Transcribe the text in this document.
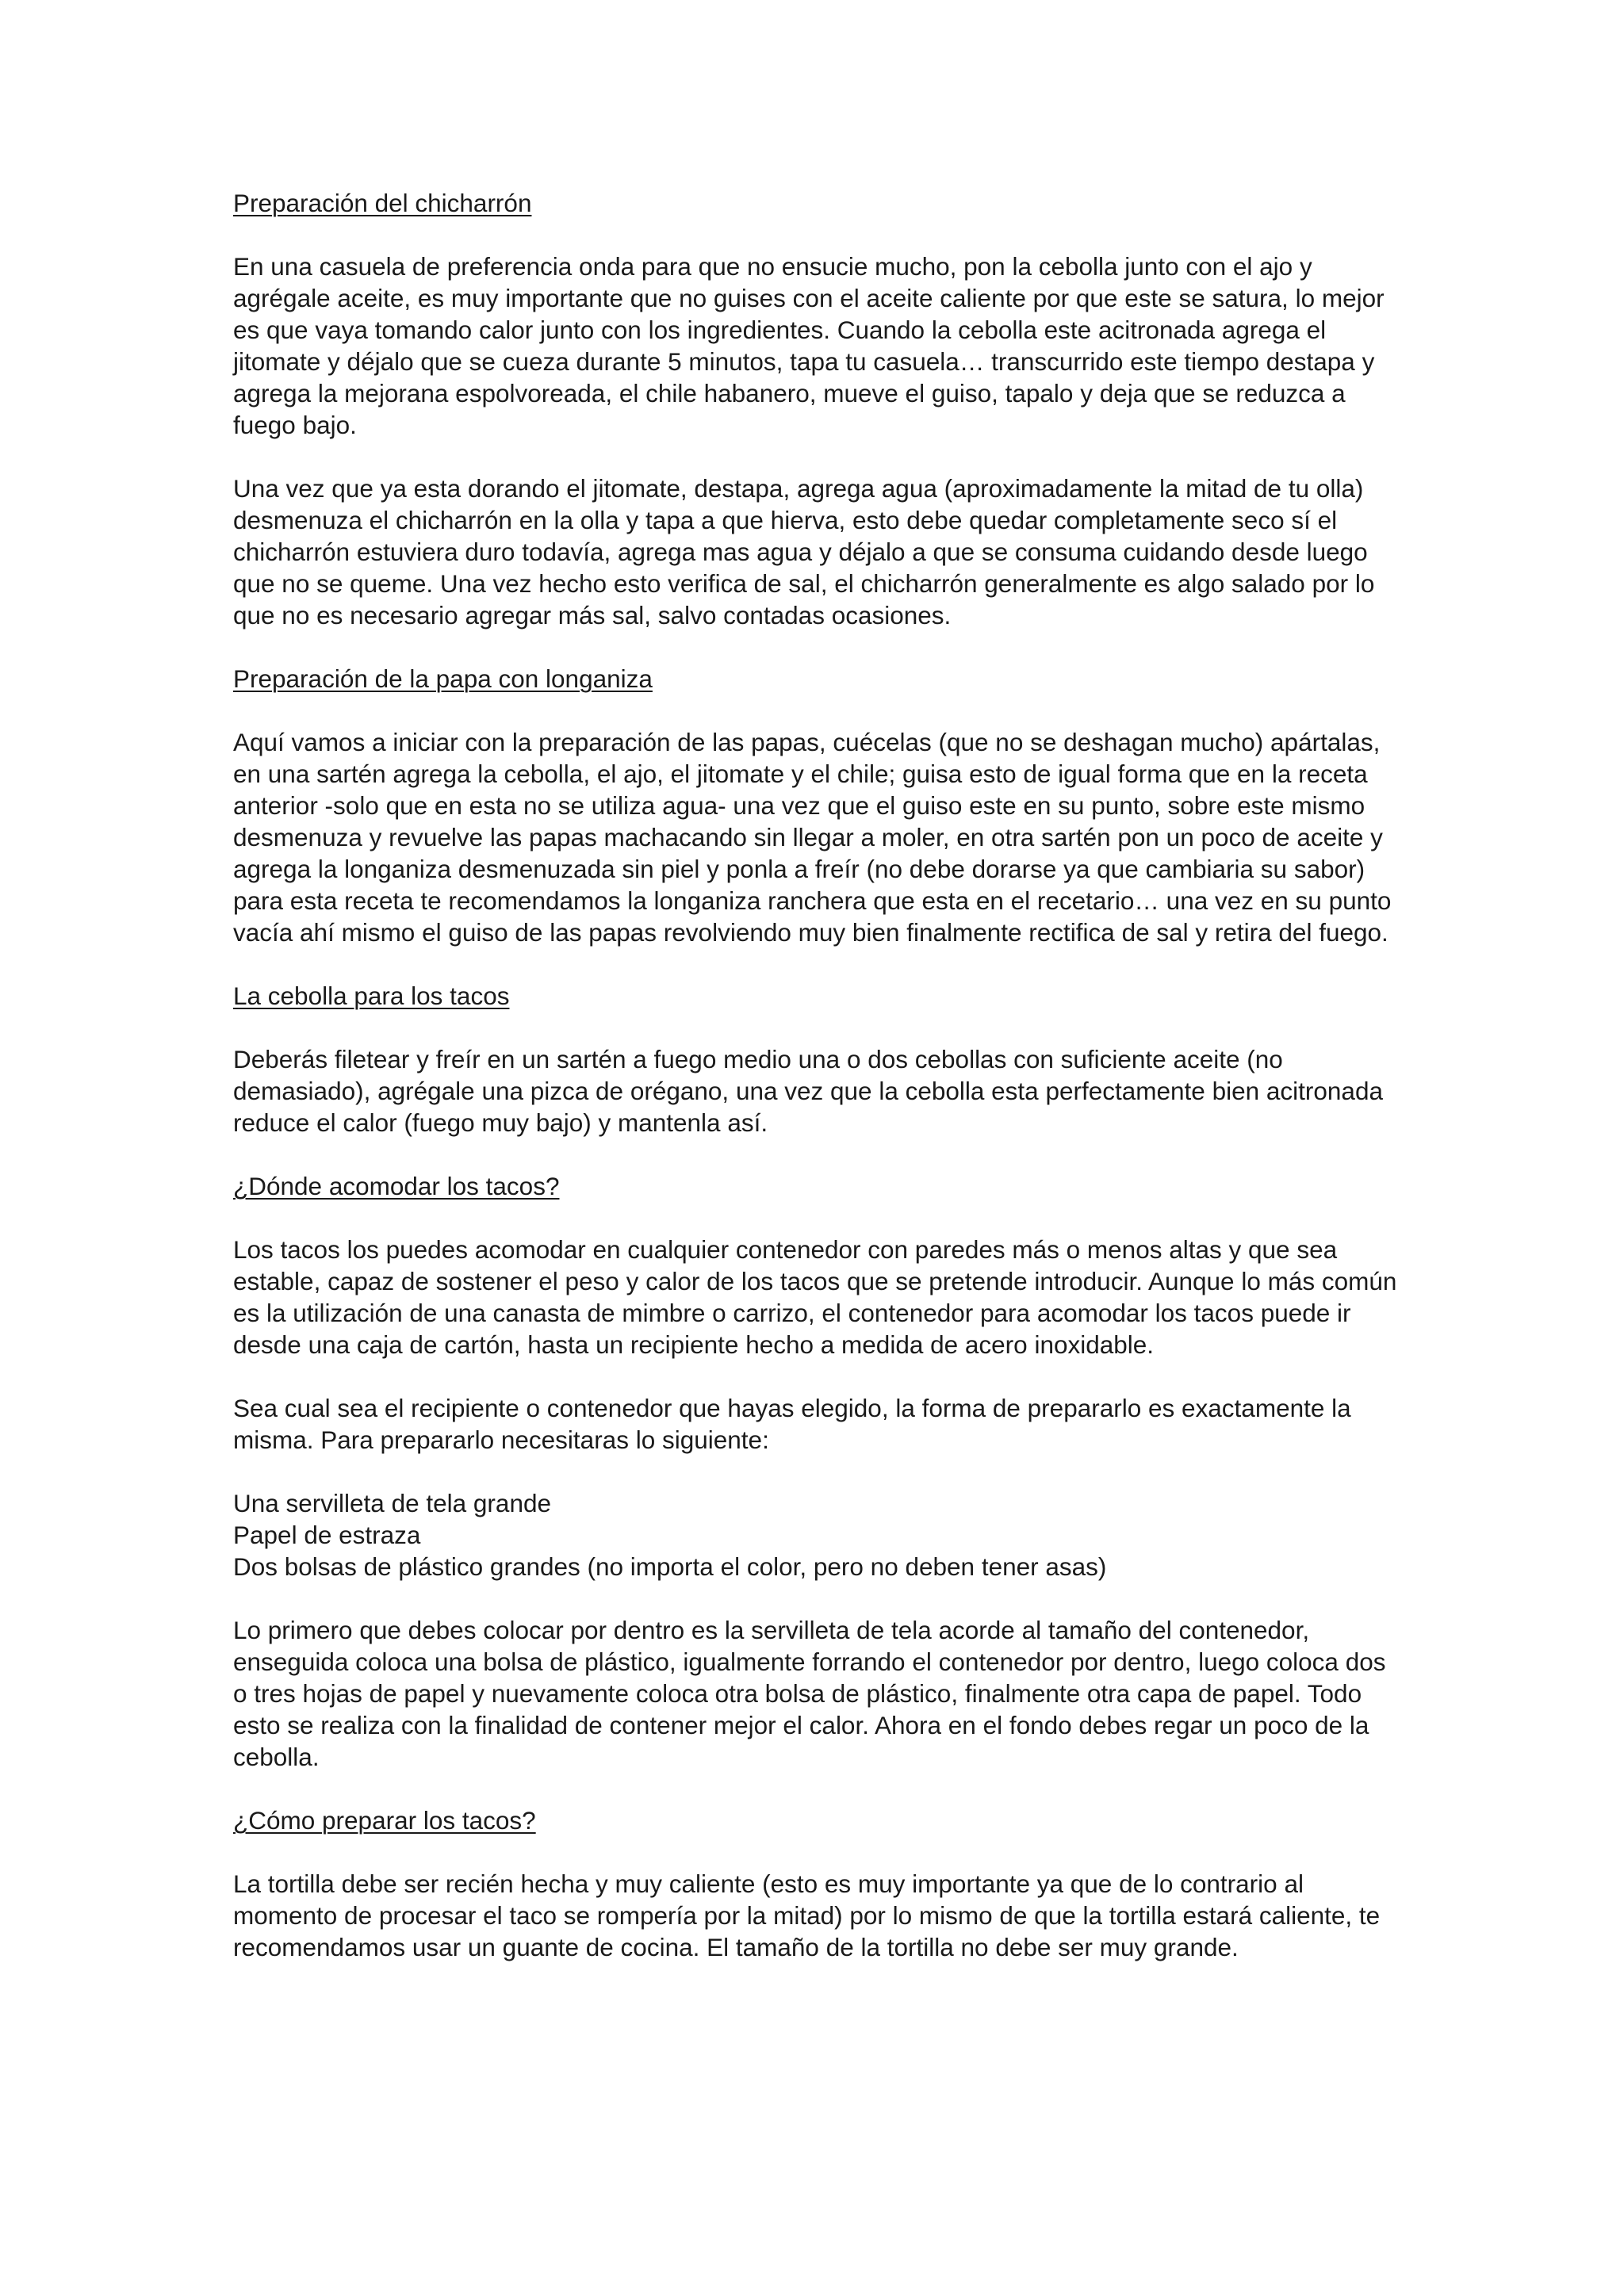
Preparación del chicharrón
En una casuela de preferencia onda para que no ensucie mucho, pon la cebolla junto con el ajo y agrégale aceite, es muy importante que no guises con el aceite caliente por que este se satura, lo mejor es que vaya tomando calor junto con los ingredientes. Cuando la cebolla este acitronada agrega el jitomate y déjalo que se cueza durante 5 minutos, tapa tu casuela… transcurrido este tiempo destapa y agrega la mejorana espolvoreada, el chile habanero, mueve el guiso, tapalo y deja que se reduzca a fuego bajo.
Una vez que ya esta dorando el jitomate, destapa, agrega agua (aproximadamente la mitad de tu olla) desmenuza el chicharrón en la olla y tapa a que hierva, esto debe quedar completamente seco sí el chicharrón estuviera duro todavía, agrega mas agua y déjalo a que se consuma cuidando desde luego que no se queme. Una vez hecho esto verifica de sal, el chicharrón generalmente es algo salado por lo que no es necesario agregar más sal, salvo contadas ocasiones.
Preparación de la papa con longaniza
Aquí vamos a iniciar con la preparación de las papas, cuécelas (que no se deshagan mucho) apártalas, en una sartén agrega la cebolla, el ajo, el jitomate y el chile; guisa esto de igual forma que en la receta anterior -solo que en esta no se utiliza agua- una vez que el guiso este en su punto, sobre este mismo desmenuza y revuelve las papas machacando sin llegar a moler, en otra sartén pon un poco de aceite y agrega la longaniza desmenuzada sin piel y ponla a freír (no debe dorarse ya que cambiaria su sabor) para esta receta te recomendamos la longaniza ranchera que esta en el recetario… una vez en su punto vacía ahí mismo el guiso de las papas revolviendo muy bien finalmente rectifica de sal y retira del fuego.
La cebolla para los tacos
Deberás filetear y freír en un sartén a fuego medio una o dos cebollas con suficiente aceite (no demasiado), agrégale una pizca de orégano, una vez que la cebolla esta perfectamente bien acitronada reduce el calor (fuego muy bajo) y mantenla así.
¿Dónde acomodar los tacos?
Los tacos los puedes acomodar en cualquier contenedor con paredes más o menos altas y que sea estable, capaz de sostener el peso y calor de los tacos que se pretende introducir. Aunque lo más común es la utilización de una canasta de mimbre o carrizo, el contenedor para acomodar los tacos puede ir desde una caja de cartón, hasta un recipiente hecho a medida de acero inoxidable.
Sea cual sea el recipiente o contenedor que hayas elegido, la forma de prepararlo es exactamente la misma. Para prepararlo necesitaras lo siguiente:
Una servilleta de tela grande
Papel de estraza
Dos bolsas de plástico grandes (no importa el color, pero no deben tener asas)
Lo primero que debes colocar por dentro es la servilleta de tela acorde al tamaño del contenedor, enseguida coloca una bolsa de plástico, igualmente forrando el contenedor por dentro, luego coloca dos o tres hojas de papel y nuevamente coloca otra bolsa de plástico, finalmente otra capa de papel. Todo esto se realiza con la finalidad de contener mejor el calor. Ahora en el fondo debes regar un poco de la cebolla.
¿Cómo preparar los tacos?
La tortilla debe ser recién hecha y muy caliente (esto es muy importante ya que de lo contrario al momento de procesar el taco se rompería por la mitad) por lo mismo de que la tortilla estará caliente, te recomendamos usar un guante de cocina. El tamaño de la tortilla no debe ser muy grande.
